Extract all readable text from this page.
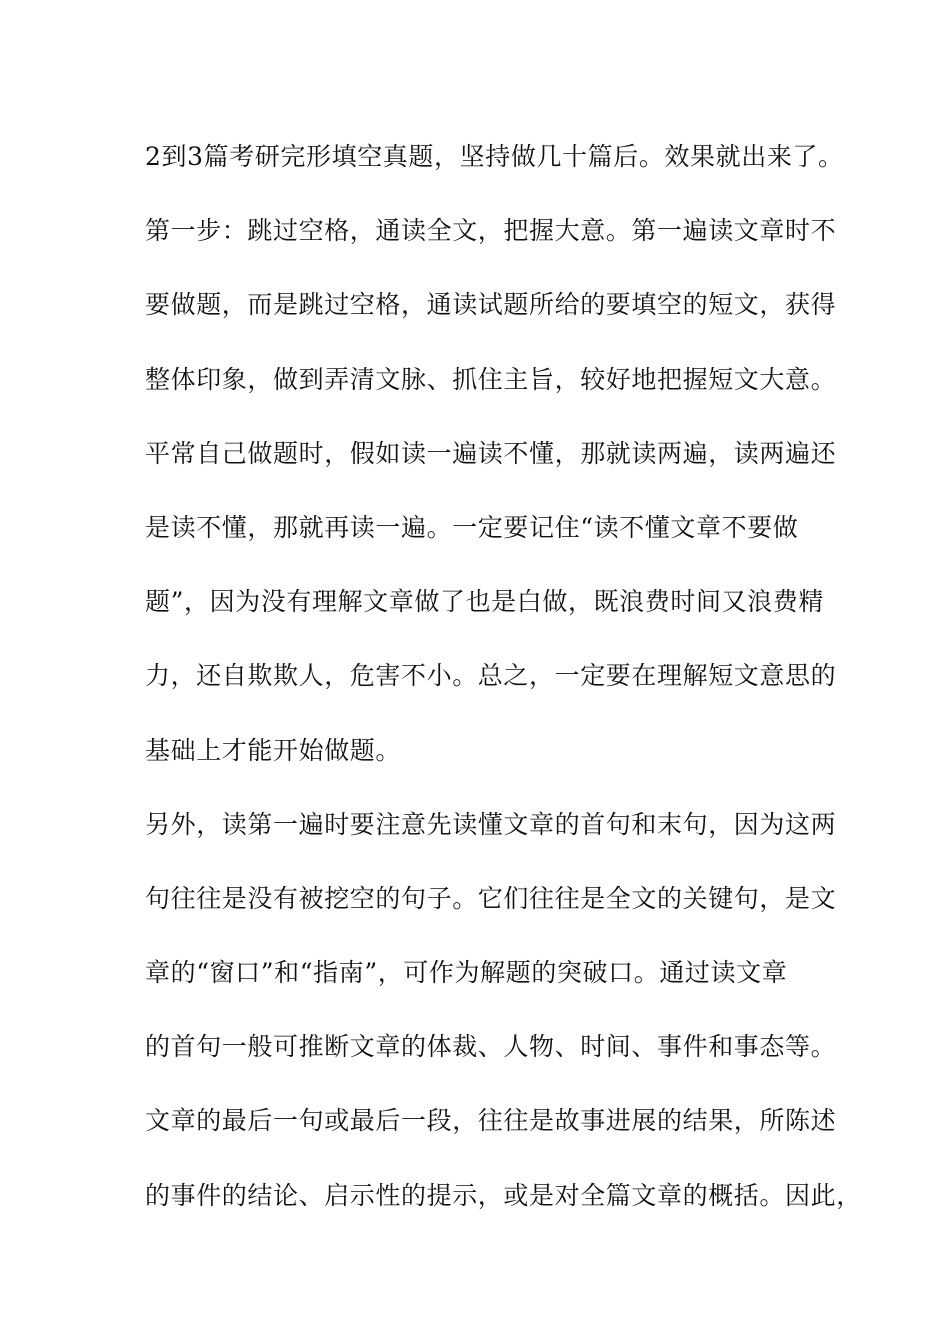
2到3篇考研完形填空真题，坚持做几十篇后。效果就出来了。
第一步：跳过空格，通读全文，把握大意。第一遍读文章时不
要做题，而是跳过空格，通读试题所给的要填空的短文，获得
整体印象，做到弄清文脉、抓住主旨，较好地把握短文大意。
平常自己做题时，假如读一遍读不懂，那就读两遍，读两遍还
是读不懂，那就再读一遍。一定要记住“读不懂文章不要做
题”，因为没有理解文章做了也是白做，既浪费时间又浪费精
力，还自欺欺人，危害不小。总之，一定要在理解短文意思的
基础上才能开始做题。
另外，读第一遍时要注意先读懂文章的首句和末句，因为这两
句往往是没有被挖空的句子。它们往往是全文的关键句，是文
章的“窗口”和“指南”，可作为解题的突破口。通过读文章
的首句一般可推断文章的体裁、人物、时间、事件和事态等。
文章的最后一句或最后一段，往往是故事进展的结果，所陈述
的事件的结论、启示性的提示，或是对全篇文章的概括。因此，
